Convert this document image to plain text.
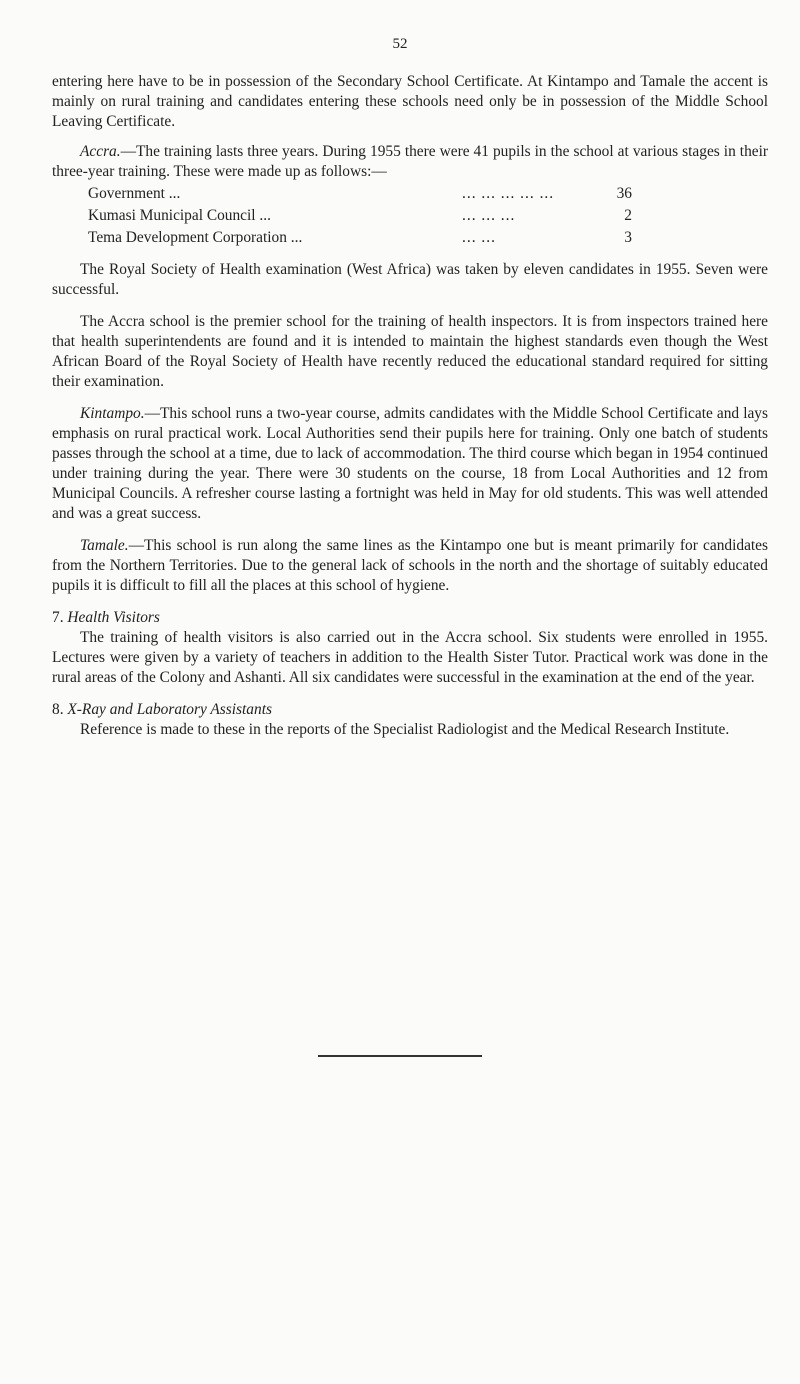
52

entering here have to be in possession of the Secondary School Certificate. At Kintampo and Tamale the accent is mainly on rural training and candidates entering these schools need only be in possession of the Middle School Leaving Certificate.

Accra.—The training lasts three years. During 1955 there were 41 pupils in the school at various stages in their three-year training. These were made up as follows:—

Government ...	... ... ... ... ...	36
Kumasi Municipal Council ...	... ... ...	2
Tema Development Corporation ...	... ...	3

The Royal Society of Health examination (West Africa) was taken by eleven candidates in 1955. Seven were successful.

The Accra school is the premier school for the training of health inspectors. It is from inspectors trained here that health superintendents are found and it is intended to maintain the highest standards even though the West African Board of the Royal Society of Health have recently reduced the educational standard required for sitting their examination.

Kintampo.—This school runs a two-year course, admits candidates with the Middle School Certificate and lays emphasis on rural practical work. Local Authorities send their pupils here for training. Only one batch of students passes through the school at a time, due to lack of accommodation. The third course which began in 1954 continued under training during the year. There were 30 students on the course, 18 from Local Authorities and 12 from Municipal Councils. A refresher course lasting a fortnight was held in May for old students. This was well attended and was a great success.

Tamale.—This school is run along the same lines as the Kintampo one but is meant primarily for candidates from the Northern Territories. Due to the general lack of schools in the north and the shortage of suitably educated pupils it is difficult to fill all the places at this school of hygiene.

7. Health Visitors

The training of health visitors is also carried out in the Accra school. Six students were enrolled in 1955. Lectures were given by a variety of teachers in addition to the Health Sister Tutor. Practical work was done in the rural areas of the Colony and Ashanti. All six candidates were successful in the examination at the end of the year.

8. X-Ray and Laboratory Assistants

Reference is made to these in the reports of the Specialist Radiologist and the Medical Research Institute.
